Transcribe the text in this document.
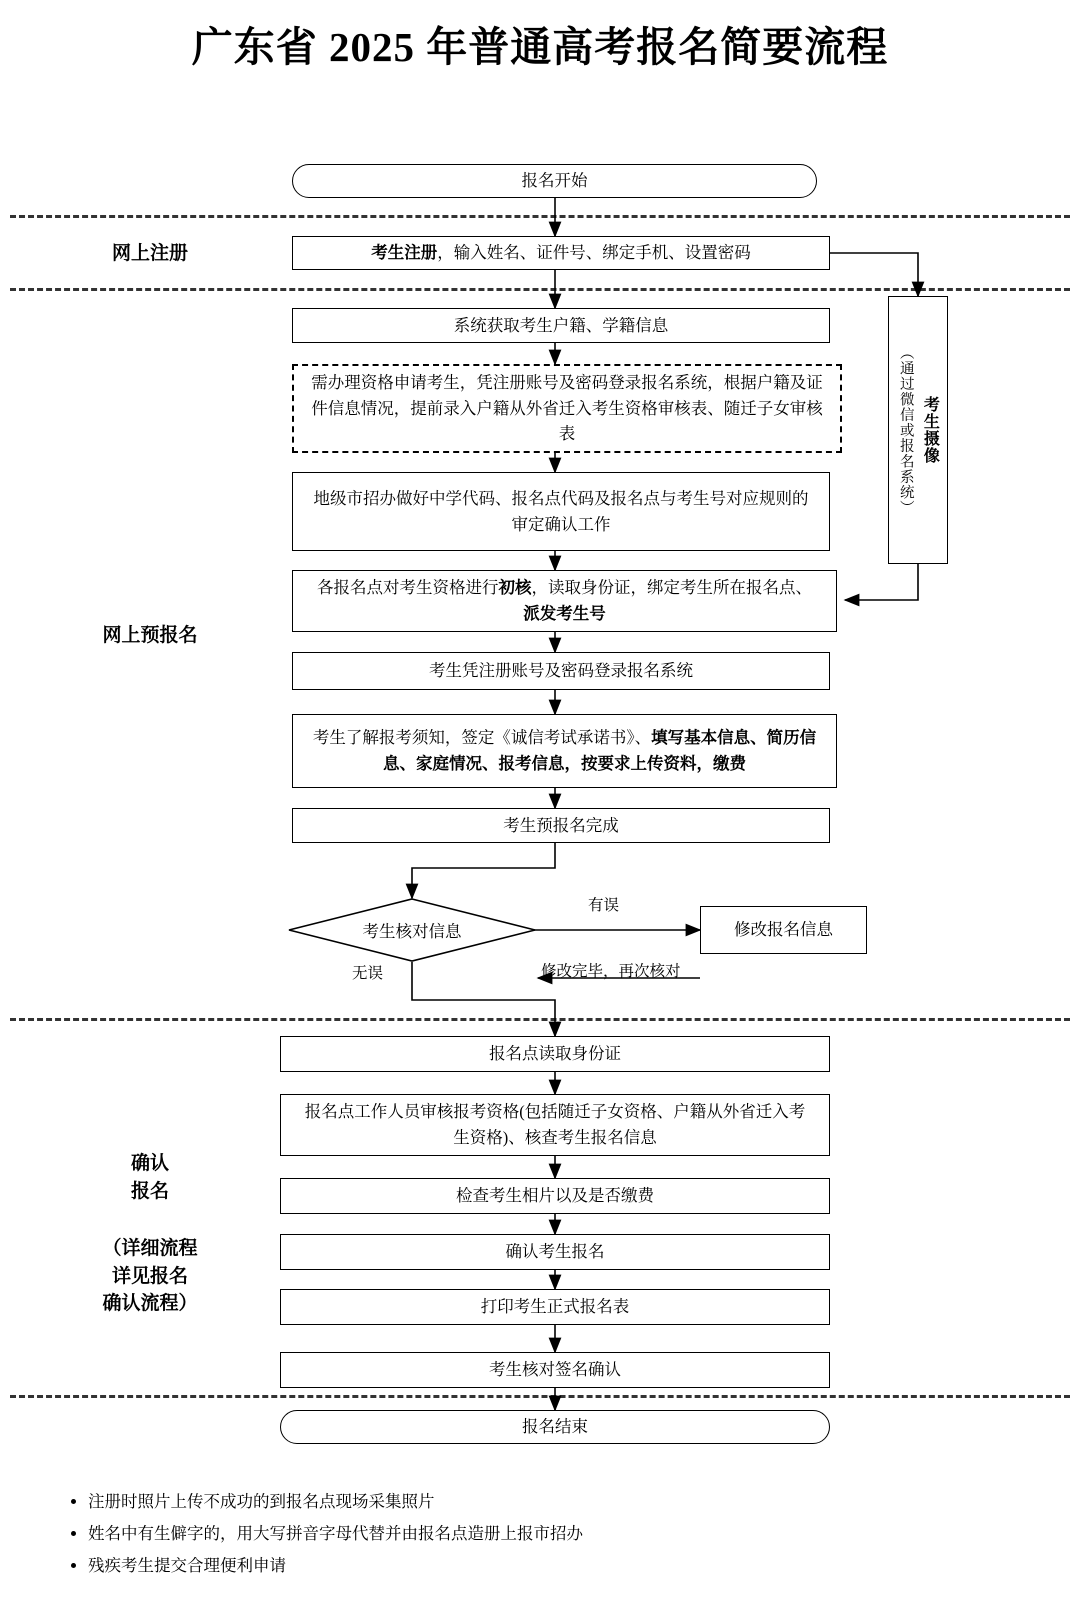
广东省 2025 年普通高考报名简要流程
网上注册
网上预报名
确认
报名
（详细流程
详见报名
确认流程）
报名开始
考生注册，输入姓名、证件号、绑定手机、设置密码
系统获取考生户籍、学籍信息
需办理资格申请考生，凭注册账号及密码登录报名系统，根据户籍及证件信息情况，提前录入户籍从外省迁入考生资格审核表、随迁子女审核表
地级市招办做好中学代码、报名点代码及报名点与考生号对应规则的审定确认工作
各报名点对考生资格进行初核，读取身份证，绑定考生所在报名点、派发考生号
考生凭注册账号及密码登录报名系统
考生了解报考须知，签定《诚信考试承诺书》、填写基本信息、简历信息、家庭情况、报考信息，按要求上传资料，缴费
考生预报名完成
考生核对信息	修改报名信息
有误
无误	修改完毕，再次核对
报名点读取身份证
报名点工作人员审核报考资格(包括随迁子女资格、户籍从外省迁入考生资格)、核查考生报名信息
检查考生相片以及是否缴费
确认考生报名
打印考生正式报名表
考生核对签名确认
报名结束
考生摄像
（通过微信或报名系统）
• 注册时照片上传不成功的到报名点现场采集照片
• 姓名中有生僻字的，用大写拼音字母代替并由报名点造册上报市招办
• 残疾考生提交合理便利申请
